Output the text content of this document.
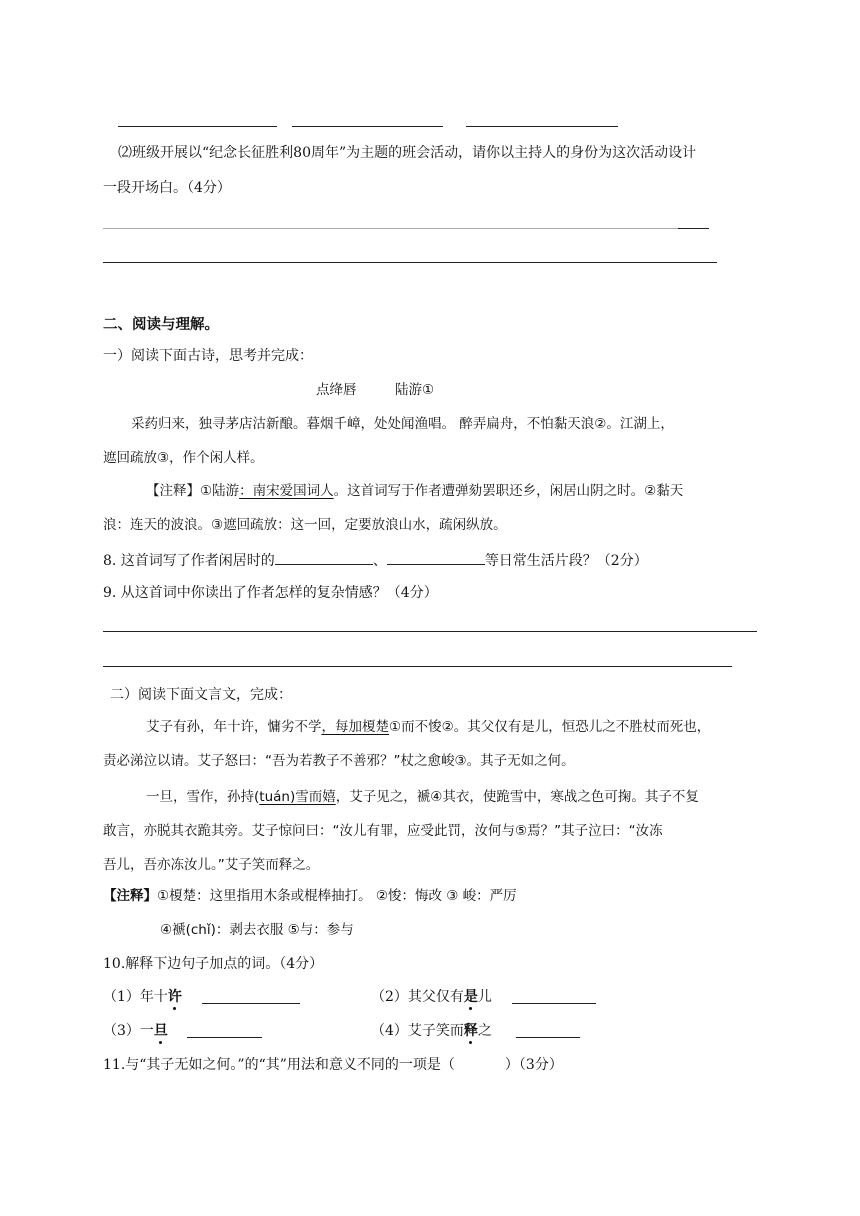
⑵班级开展以“纪念长征胜利80周年”为主题的班会活动，请你以主持人的身份为这次活动设计
一段开场白。（4分）
二、阅读与理解。
一）阅读下面古诗，思考并完成：
点绛唇	陆游①
采药归来，独寻茅店沽新酿。暮烟千嶂，处处闻渔唱。 醉弄扁舟，不怕黏天浪②。江湖上，
遮回疏放③，作个闲人样。
【注释】①陆游：南宋爱国词人。这首词写于作者遭弹劾罢职还乡，闲居山阴之时。②黏天
浪：连天的波浪。③遮回疏放：这一回，定要放浪山水，疏闲纵放。
8. 这首词写了作者闲居时的	、	等日常生活片段？（2分）
9. 从这首词中你读出了作者怎样的复杂情感？（4分）
二）阅读下面文言文，完成：
艾子有孙，年十许，慵劣不学，每加榎楚①而不悛②。其父仅有是儿，恒恐儿之不胜杖而死也，
责必涕泣以请。艾子怒曰：“吾为若教子不善邪？”杖之愈峻③。其子无如之何。
一旦，雪作，孙持(tuán)雪而嬉，艾子见之，褫④其衣，使跪雪中，寒战之色可掬。其子不复
敢言，亦脱其衣跪其旁。艾子惊问曰：“汝儿有罪，应受此罚，汝何与⑤焉？”其子泣曰：“汝冻
吾儿，吾亦冻汝儿。”艾子笑而释之。
【注释】①榎楚：这里指用木条或棍棒抽打。 ②悛：悔改 ③ 峻：严厉
④褫(chǐ)：剥去衣服 ⑤与：参与
10.解释下边句子加点的词。（4分）
（1）年十许	（2）其父仅有是儿
（3）一旦	（4）艾子笑而释之
11.与“其子无如之何。”的“其”用法和意义不同的一项是（	）（3分）
